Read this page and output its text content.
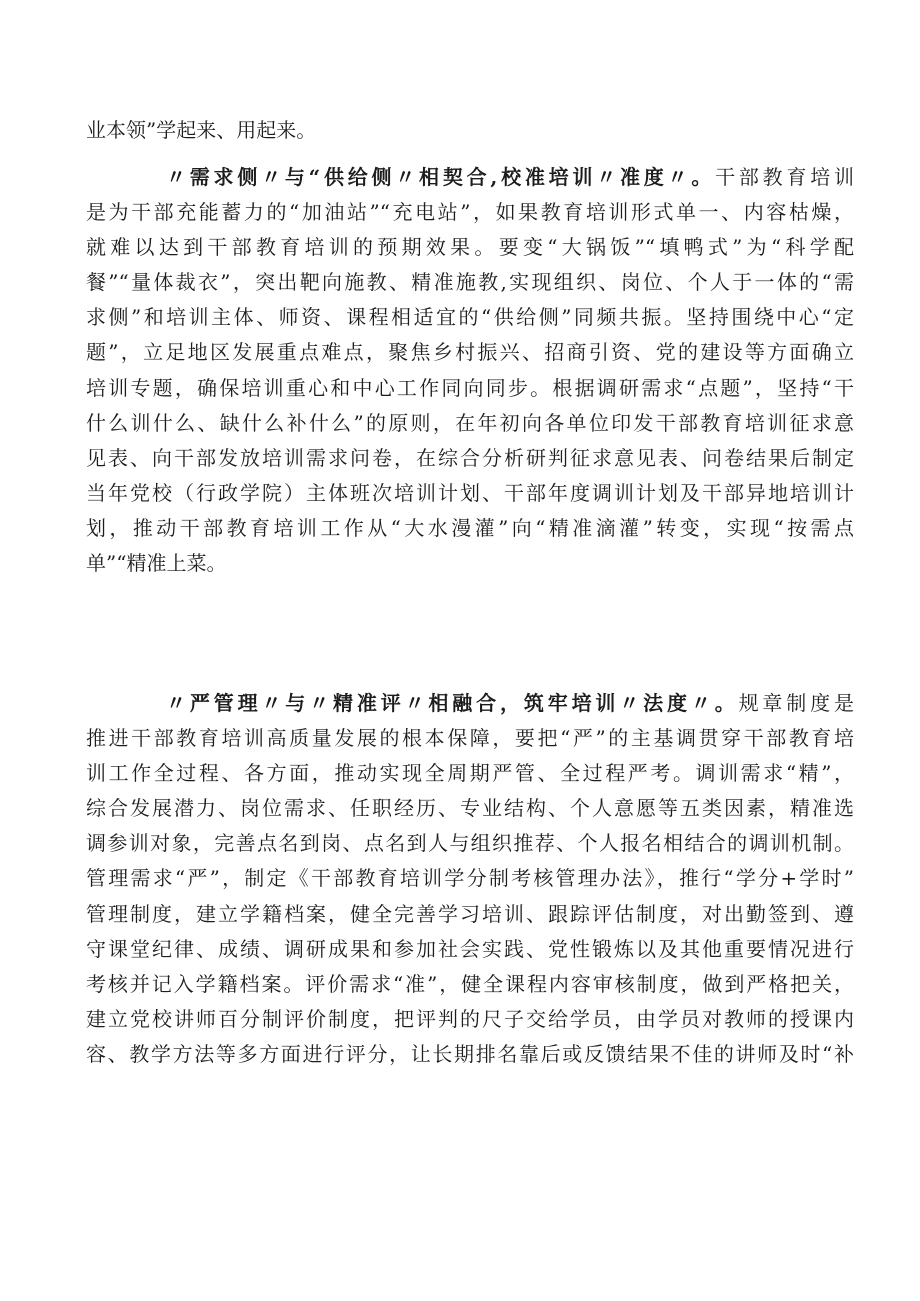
业本领”学起来、用起来。
〃需求侧〃与“供给侧〃相契合,校准培训〃准度〃。干部教育培训
是为干部充能蓄力的“加油站”“充电站”，如果教育培训形式单一、内容枯燥，
就难以达到干部教育培训的预期效果。要变“大锅饭”“填鸭式”为“科学配
餐”“量体裁衣”，突出靶向施教、精准施教,实现组织、岗位、个人于一体的“需
求侧”和培训主体、师资、课程相适宜的“供给侧”同频共振。坚持围绕中心“定
题”，立足地区发展重点难点，聚焦乡村振兴、招商引资、党的建设等方面确立
培训专题，确保培训重心和中心工作同向同步。根据调研需求“点题”，坚持“干
什么训什么、缺什么补什么”的原则，在年初向各单位印发干部教育培训征求意
见表、向干部发放培训需求问卷，在综合分析研判征求意见表、问卷结果后制定
当年党校（行政学院）主体班次培训计划、干部年度调训计划及干部异地培训计
划，推动干部教育培训工作从“大水漫灌”向“精准滴灌”转变，实现“按需点
单”“精准上菜。
〃严管理〃与〃精准评〃相融合，筑牢培训〃法度〃。规章制度是
推进干部教育培训高质量发展的根本保障，要把“严”的主基调贯穿干部教育培
训工作全过程、各方面，推动实现全周期严管、全过程严考。调训需求“精”，
综合发展潜力、岗位需求、任职经历、专业结构、个人意愿等五类因素，精准选
调参训对象，完善点名到岗、点名到人与组织推荐、个人报名相结合的调训机制。
管理需求“严”，制定《干部教育培训学分制考核管理办法》，推行“学分+学时”
管理制度，建立学籍档案，健全完善学习培训、跟踪评估制度，对出勤签到、遵
守课堂纪律、成绩、调研成果和参加社会实践、党性锻炼以及其他重要情况进行
考核并记入学籍档案。评价需求“准”，健全课程内容审核制度，做到严格把关，
建立党校讲师百分制评价制度，把评判的尺子交给学员，由学员对教师的授课内
容、教学方法等多方面进行评分，让长期排名靠后或反馈结果不佳的讲师及时“补
